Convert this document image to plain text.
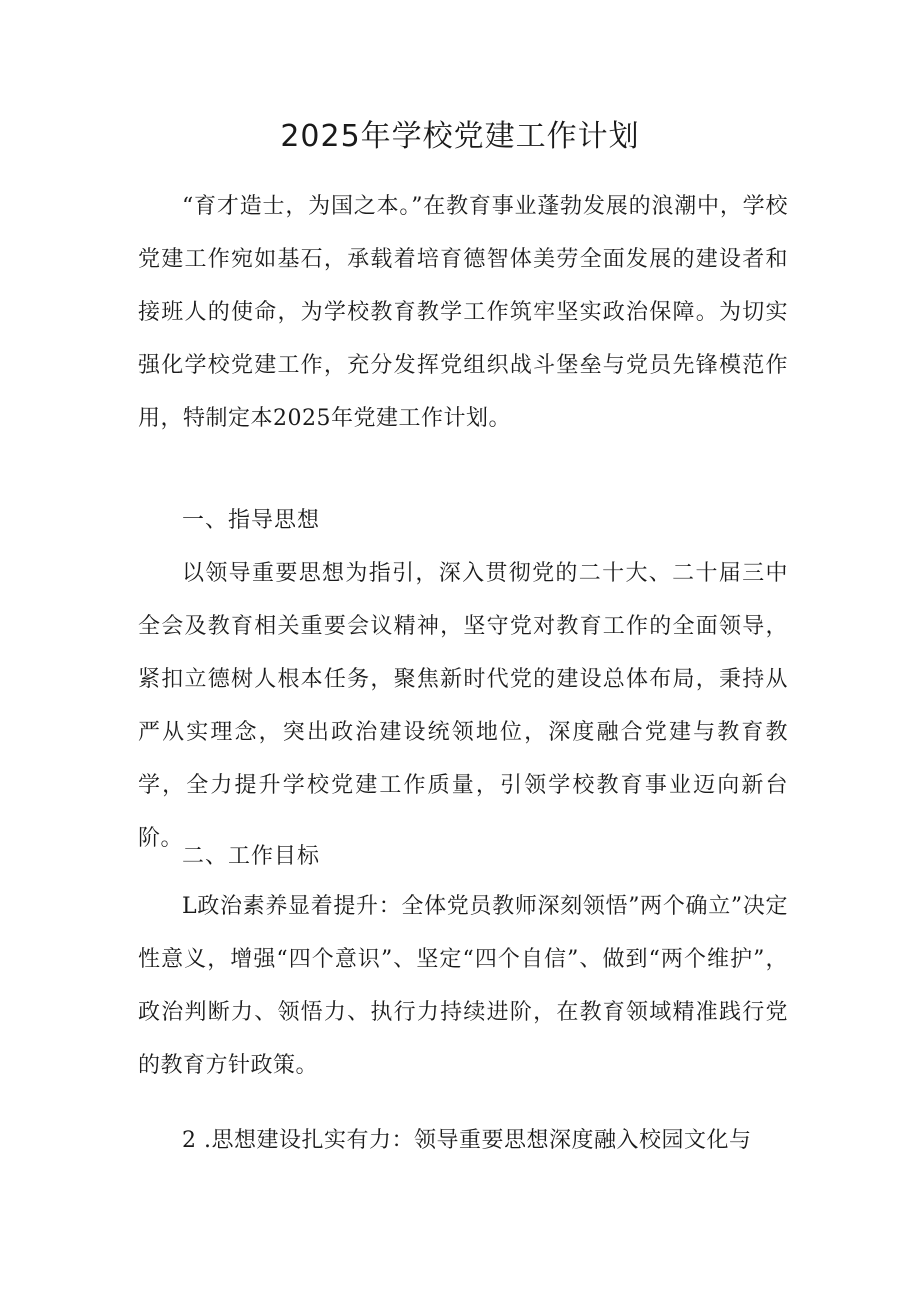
2025年学校党建工作计划

“育才造士，为国之本。”在教育事业蓬勃发展的浪潮中，学校党建工作宛如基石，承载着培育德智体美劳全面发展的建设者和接班人的使命，为学校教育教学工作筑牢坚实政治保障。为切实强化学校党建工作，充分发挥党组织战斗堡垒与党员先锋模范作用，特制定本2025年党建工作计划。

一、指导思想

以领导重要思想为指引，深入贯彻党的二十大、二十届三中全会及教育相关重要会议精神，坚守党对教育工作的全面领导，紧扣立德树人根本任务，聚焦新时代党的建设总体布局，秉持从严从实理念，突出政治建设统领地位，深度融合党建与教育教学，全力提升学校党建工作质量，引领学校教育事业迈向新台阶。

二、工作目标

L政治素养显着提升：全体党员教师深刻领悟”两个确立”决定性意义，增强“四个意识”、坚定“四个自信”、做到“两个维护”，政治判断力、领悟力、执行力持续进阶，在教育领域精准践行党的教育方针政策。

2 .思想建设扎实有力：领导重要思想深度融入校园文化与
